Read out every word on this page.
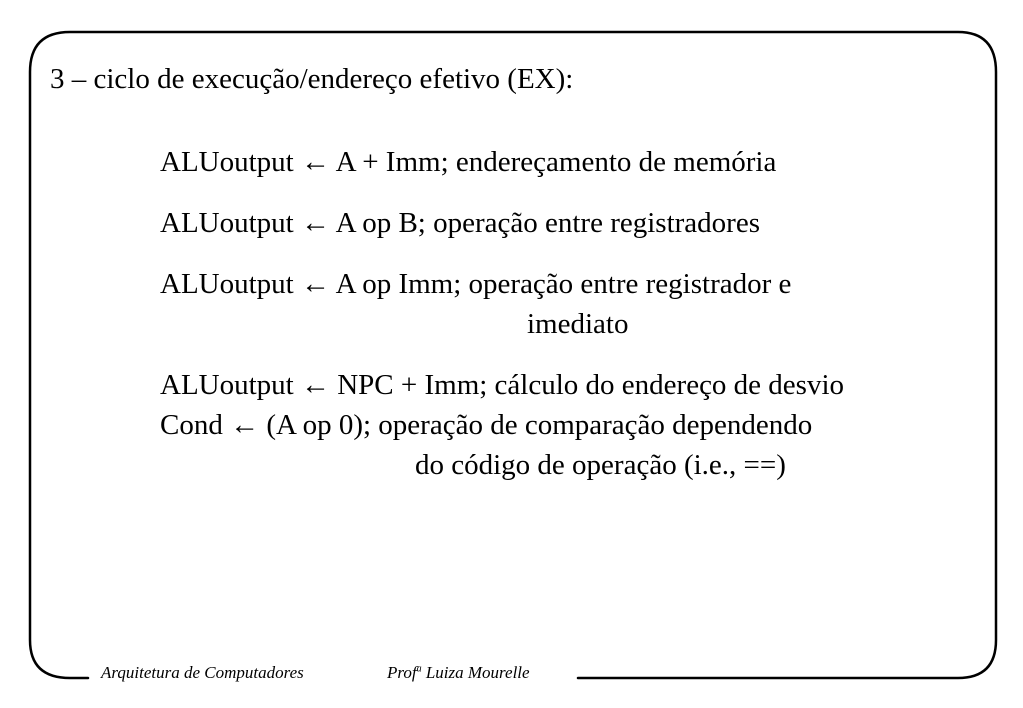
3 – ciclo de execução/endereço efetivo (EX):
ALUoutput ← A + Imm; endereçamento de memória
ALUoutput ← A op B; operação entre registradores
ALUoutput ← A op Imm; operação entre registrador e
imediato
ALUoutput ← NPC + Imm; cálculo do endereço de desvio
Cond ← (A op 0); operação de comparação dependendo
do código de operação (i.e., ==)
Arquitetura de Computadores	Prof$^a$ Luiza Mourelle
